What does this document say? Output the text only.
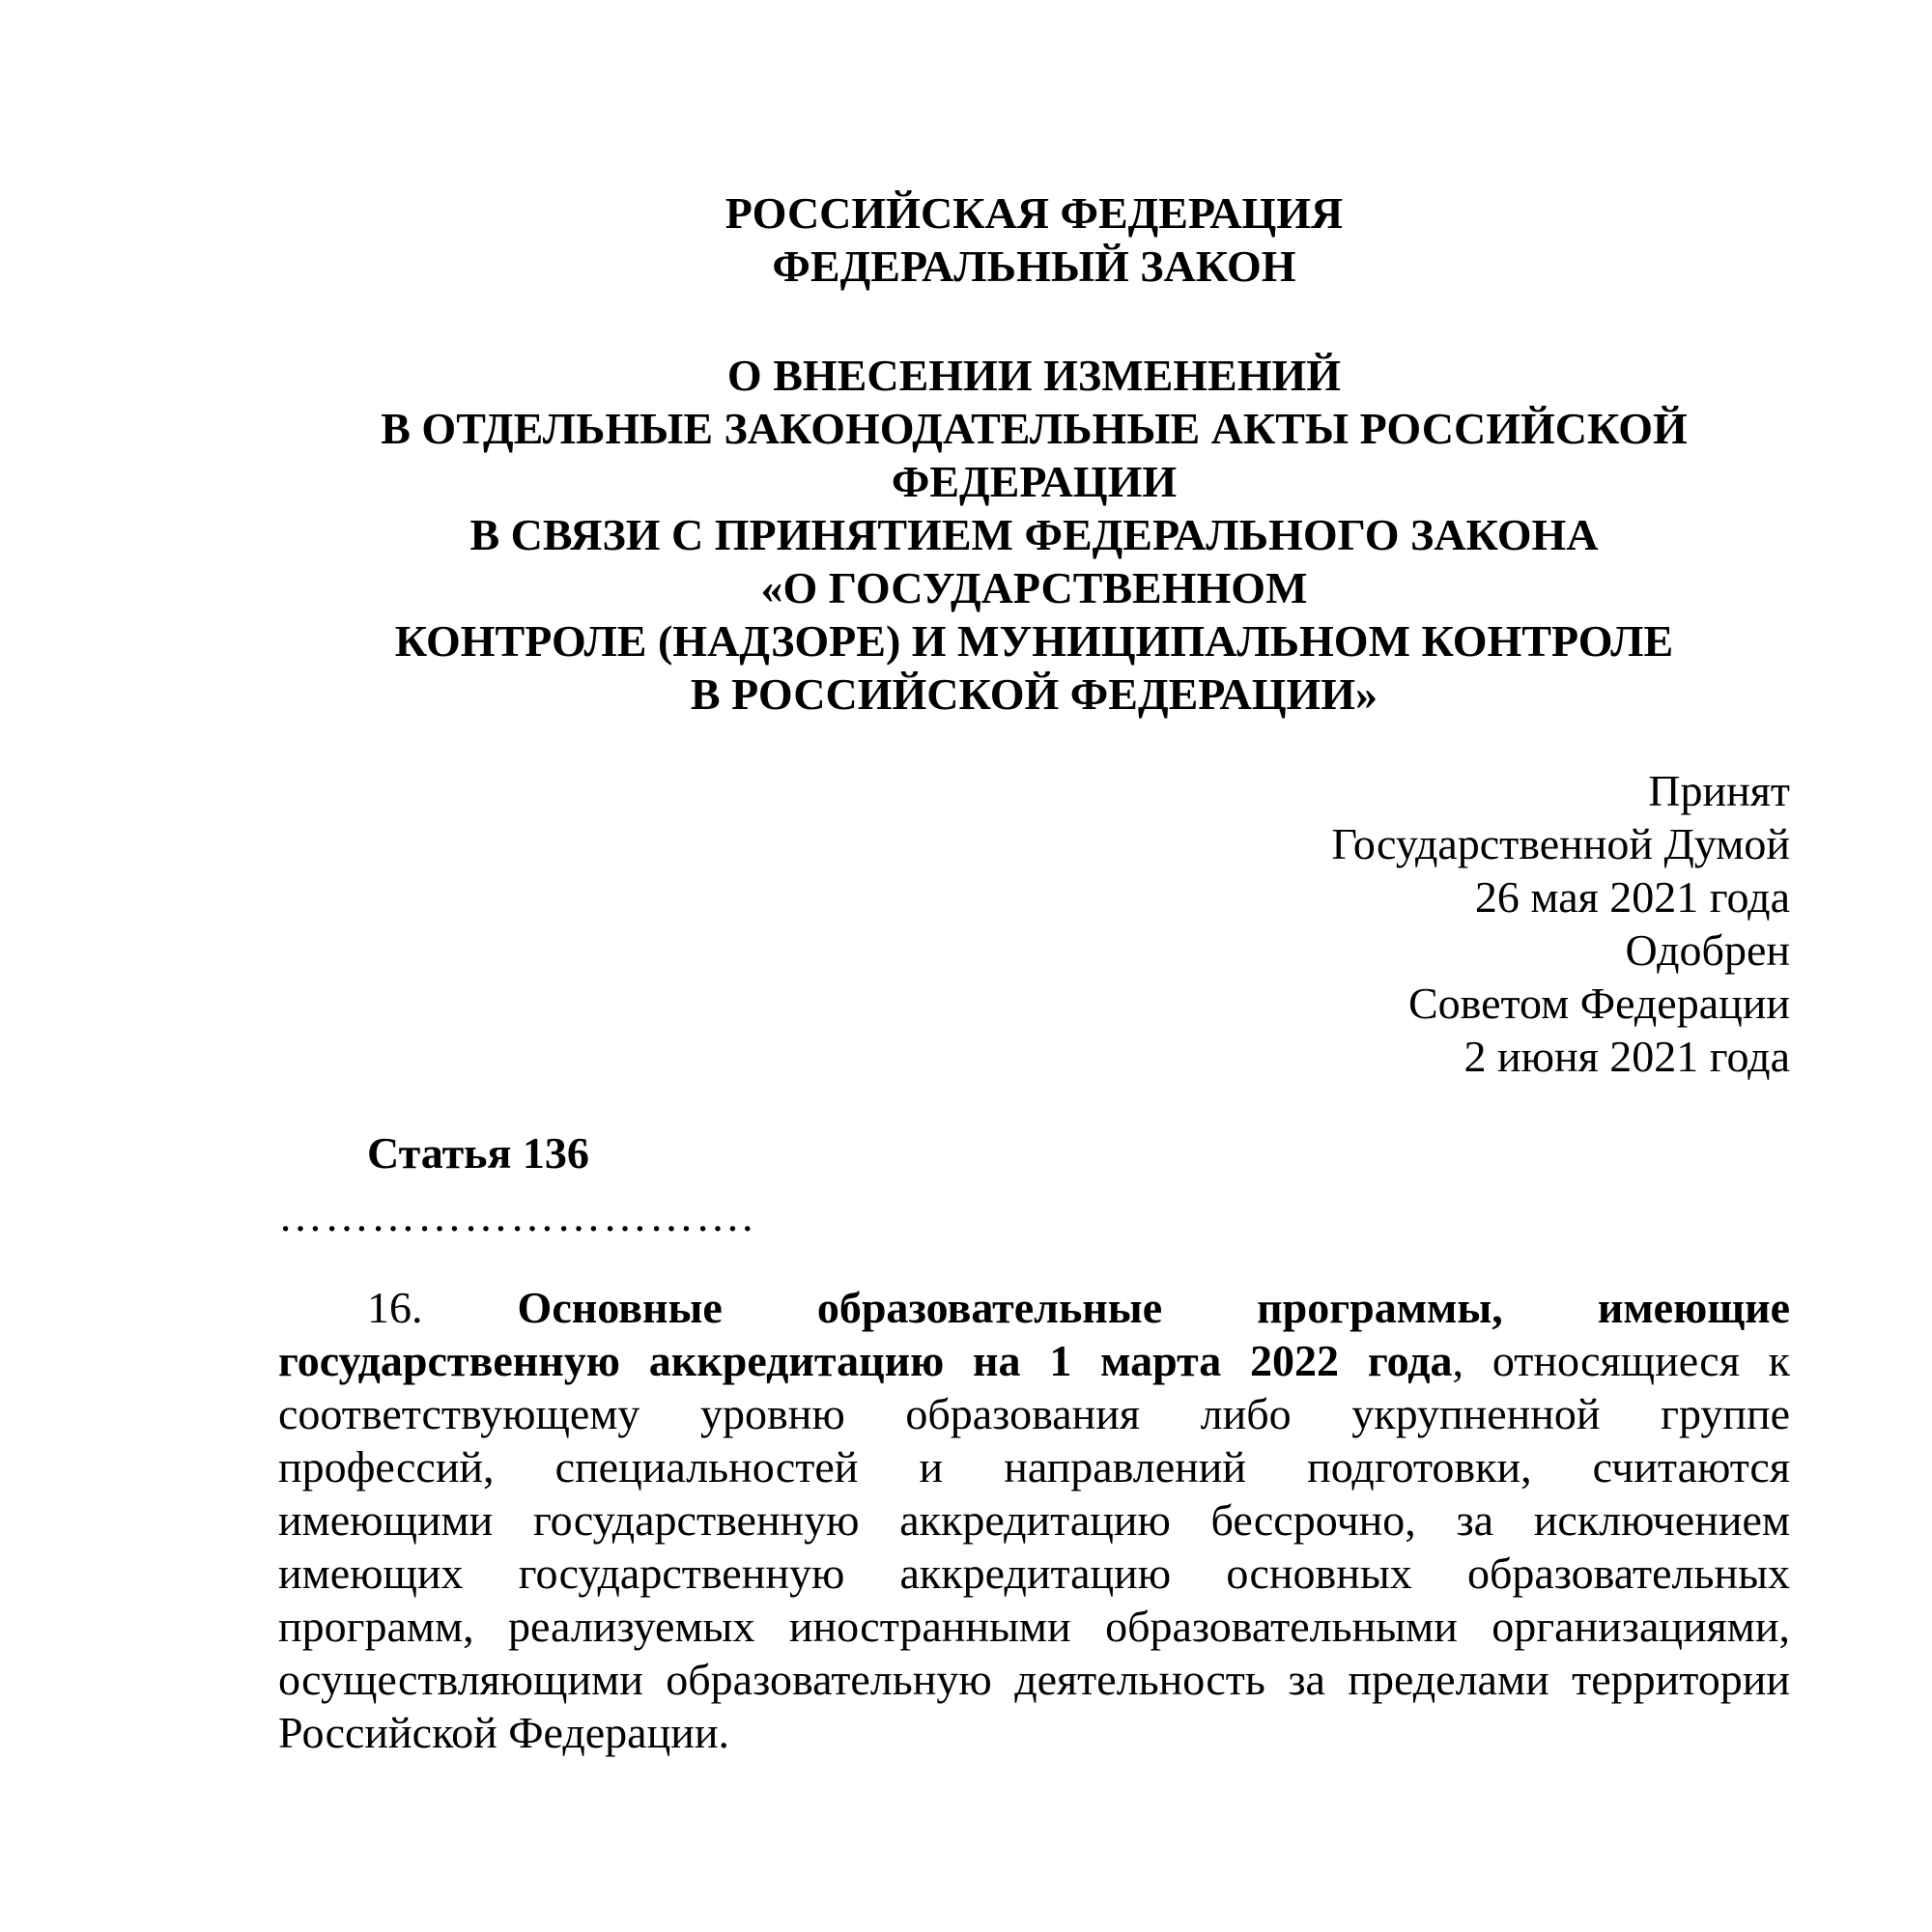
РОССИЙСКАЯ ФЕДЕРАЦИЯ
ФЕДЕРАЛЬНЫЙ ЗАКОН
О ВНЕСЕНИИ ИЗМЕНЕНИЙ
В ОТДЕЛЬНЫЕ ЗАКОНОДАТЕЛЬНЫЕ АКТЫ РОССИЙСКОЙ
ФЕДЕРАЦИИ
В СВЯЗИ С ПРИНЯТИЕМ ФЕДЕРАЛЬНОГО ЗАКОНА
«О ГОСУДАРСТВЕННОМ
КОНТРОЛЕ (НАДЗОРЕ) И МУНИЦИПАЛЬНОМ КОНТРОЛЕ
В РОССИЙСКОЙ ФЕДЕРАЦИИ»
Принят
Государственной Думой
26 мая 2021 года
Одобрен
Советом Федерации
2 июня 2021 года
Статья 136
………………………….
16. Основные образовательные программы, имеющие
государственную аккредитацию на 1 марта 2022 года, относящиеся к
соответствующему уровню образования либо укрупненной группе
профессий, специальностей и направлений подготовки, считаются
имеющими государственную аккредитацию бессрочно, за исключением
имеющих государственную аккредитацию основных образовательных
программ, реализуемых иностранными образовательными организациями,
осуществляющими образовательную деятельность за пределами территории
Российской Федерации.
